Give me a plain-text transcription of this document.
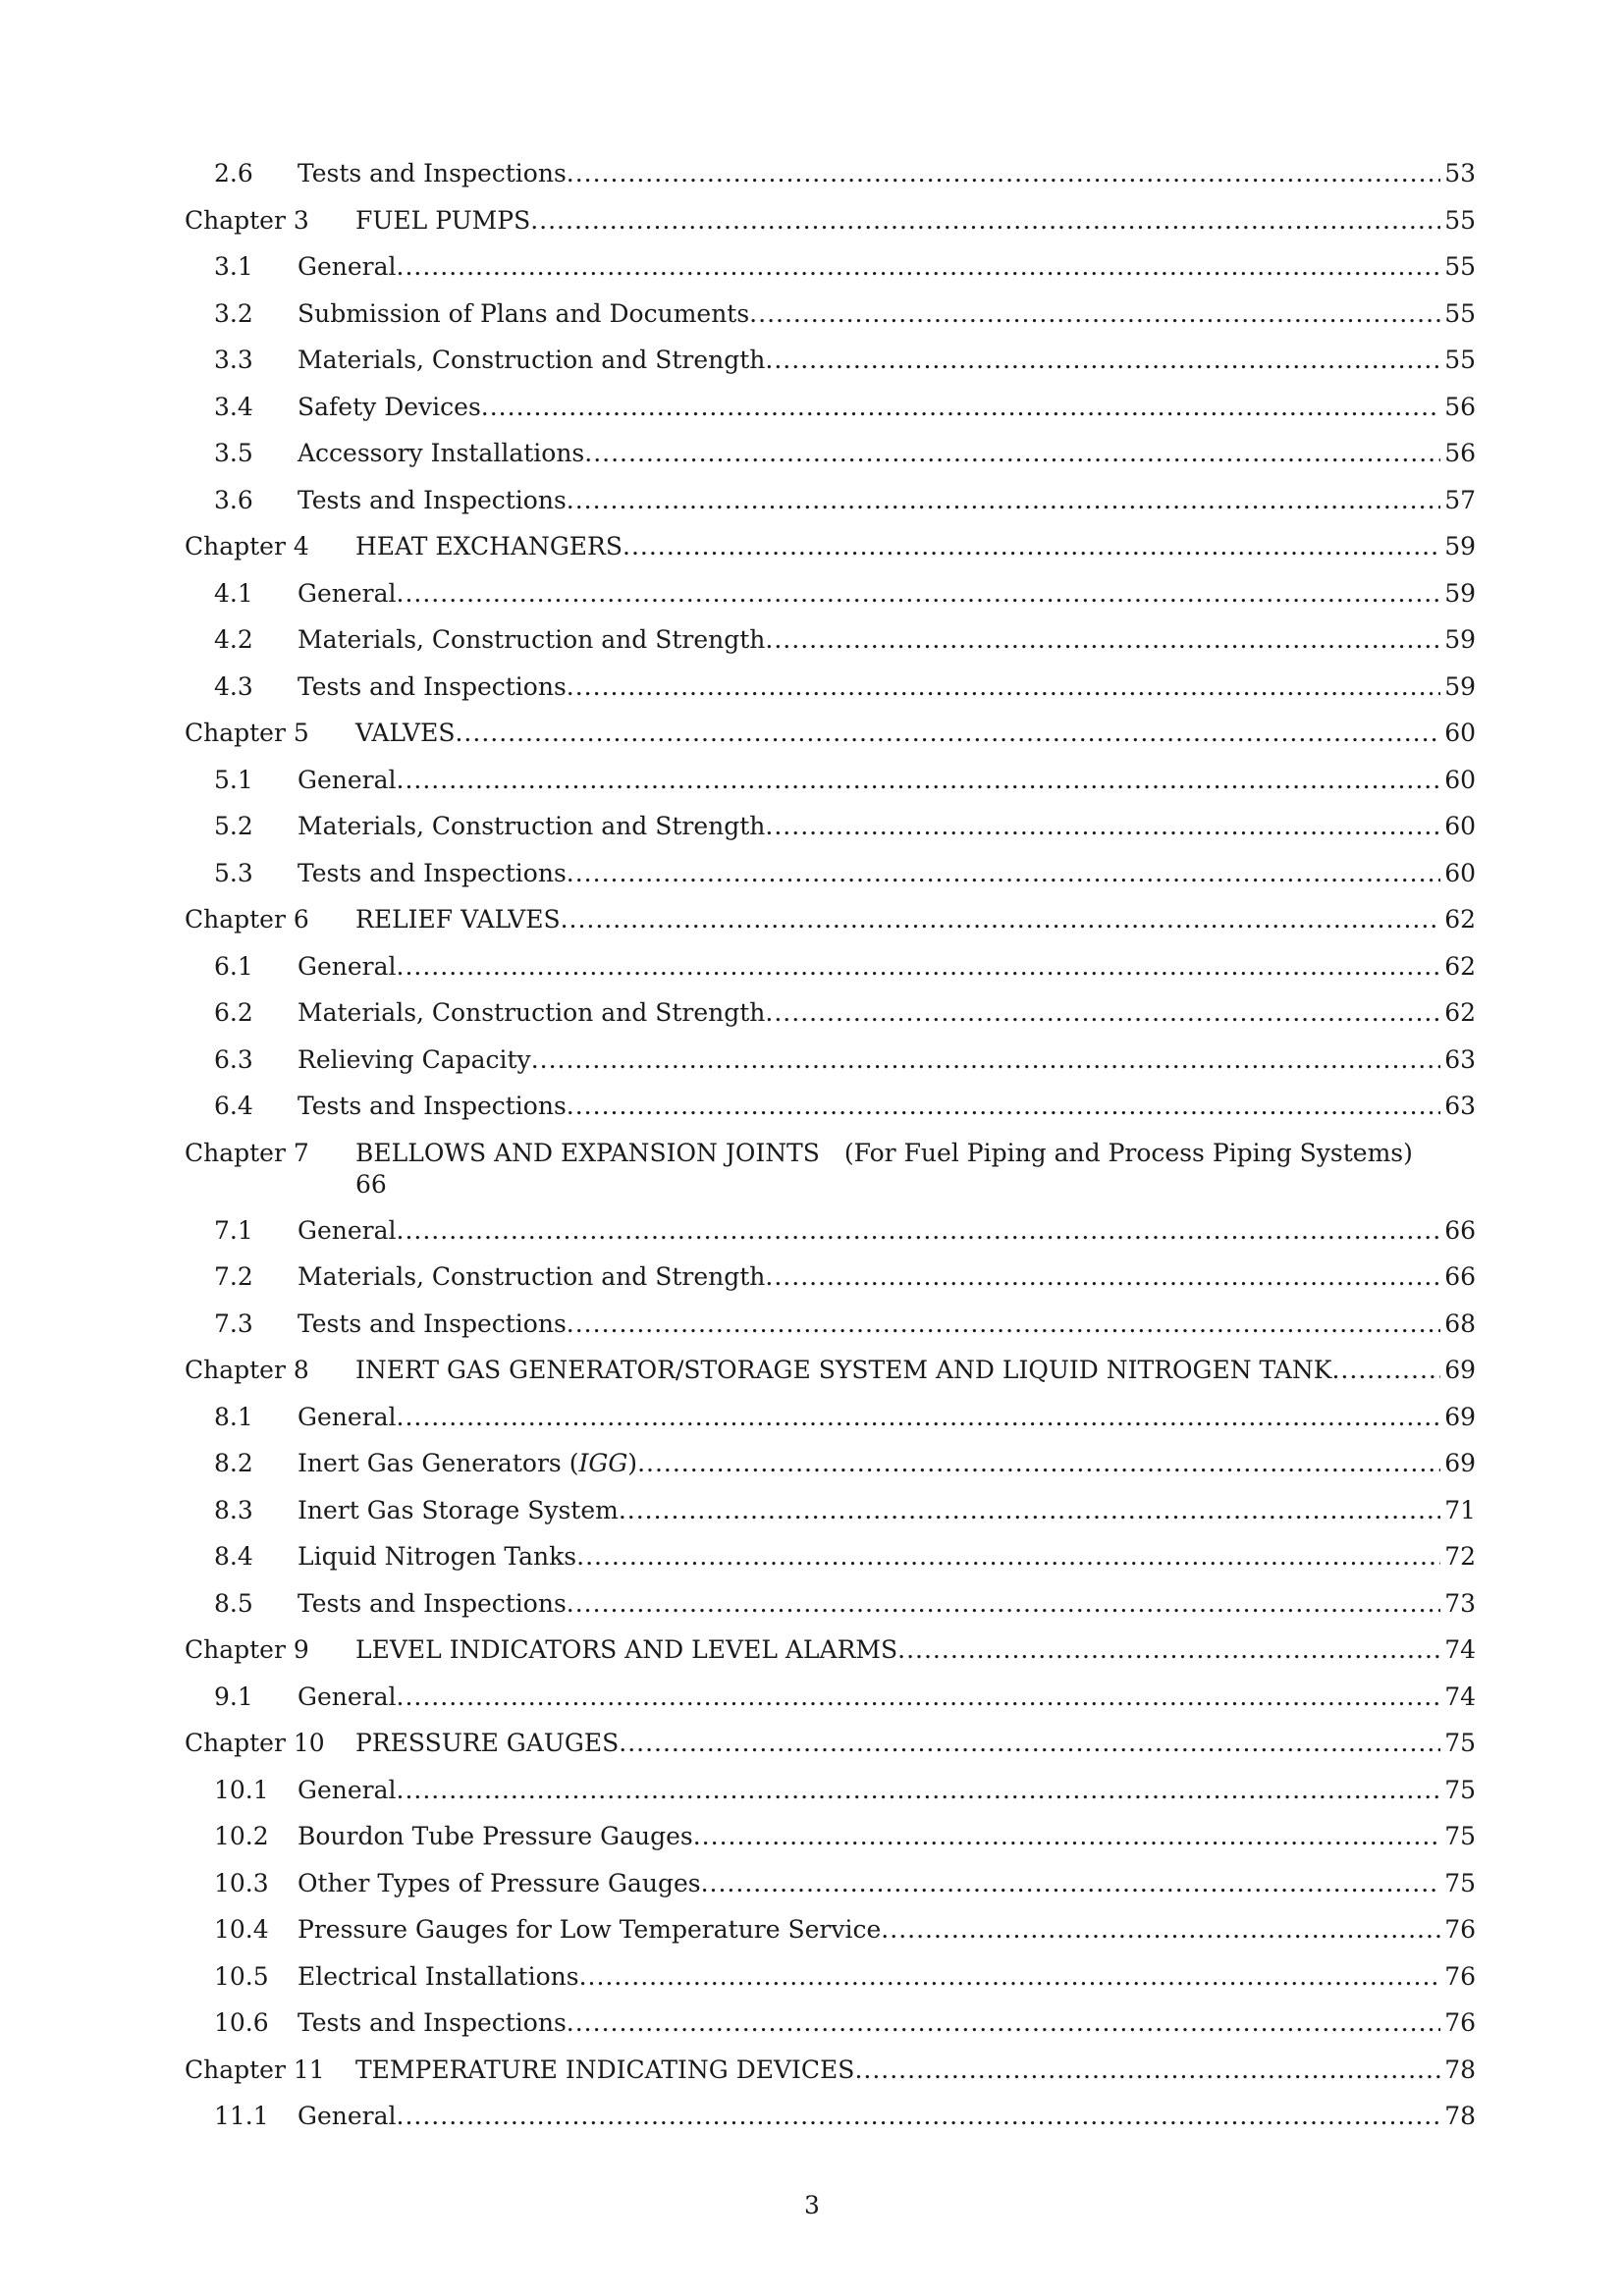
2.6 Tests and Inspections .....	53
Chapter 3 FUEL PUMPS .....	55
3.1 General .....	55
3.2 Submission of Plans and Documents .....	55
3.3 Materials, Construction and Strength .....	55
3.4 Safety Devices .....	56
3.5 Accessory Installations .....	56
3.6 Tests and Inspections .....	57
Chapter 4 HEAT EXCHANGERS .....	59
4.1 General .....	59
4.2 Materials, Construction and Strength .....	59
4.3 Tests and Inspections .....	59
Chapter 5 VALVES .....	60
5.1 General .....	60
5.2 Materials, Construction and Strength .....	60
5.3 Tests and Inspections .....	60
Chapter 6 RELIEF VALVES .....	62
6.1 General .....	62
6.2 Materials, Construction and Strength .....	62
6.3 Relieving Capacity .....	63
6.4 Tests and Inspections .....	63
Chapter 7 BELLOWS AND EXPANSION JOINTS　(For Fuel Piping and Process Piping Systems)
66
7.1 General .....	66
7.2 Materials, Construction and Strength .....	66
7.3 Tests and Inspections .....	68
Chapter 8 INERT GAS GENERATOR/STORAGE SYSTEM AND LIQUID NITROGEN TANK .....	69
8.1 General .....	69
8.2 Inert Gas Generators (IGG) .....	69
8.3 Inert Gas Storage System .....	71
8.4 Liquid Nitrogen Tanks .....	72
8.5 Tests and Inspections .....	73
Chapter 9 LEVEL INDICATORS AND LEVEL ALARMS .....	74
9.1 General .....	74
Chapter 10 PRESSURE GAUGES .....	75
10.1 General .....	75
10.2 Bourdon Tube Pressure Gauges .....	75
10.3 Other Types of Pressure Gauges .....	75
10.4 Pressure Gauges for Low Temperature Service .....	76
10.5 Electrical Installations .....	76
10.6 Tests and Inspections .....	76
Chapter 11 TEMPERATURE INDICATING DEVICES .....	78
11.1 General .....	78
3
